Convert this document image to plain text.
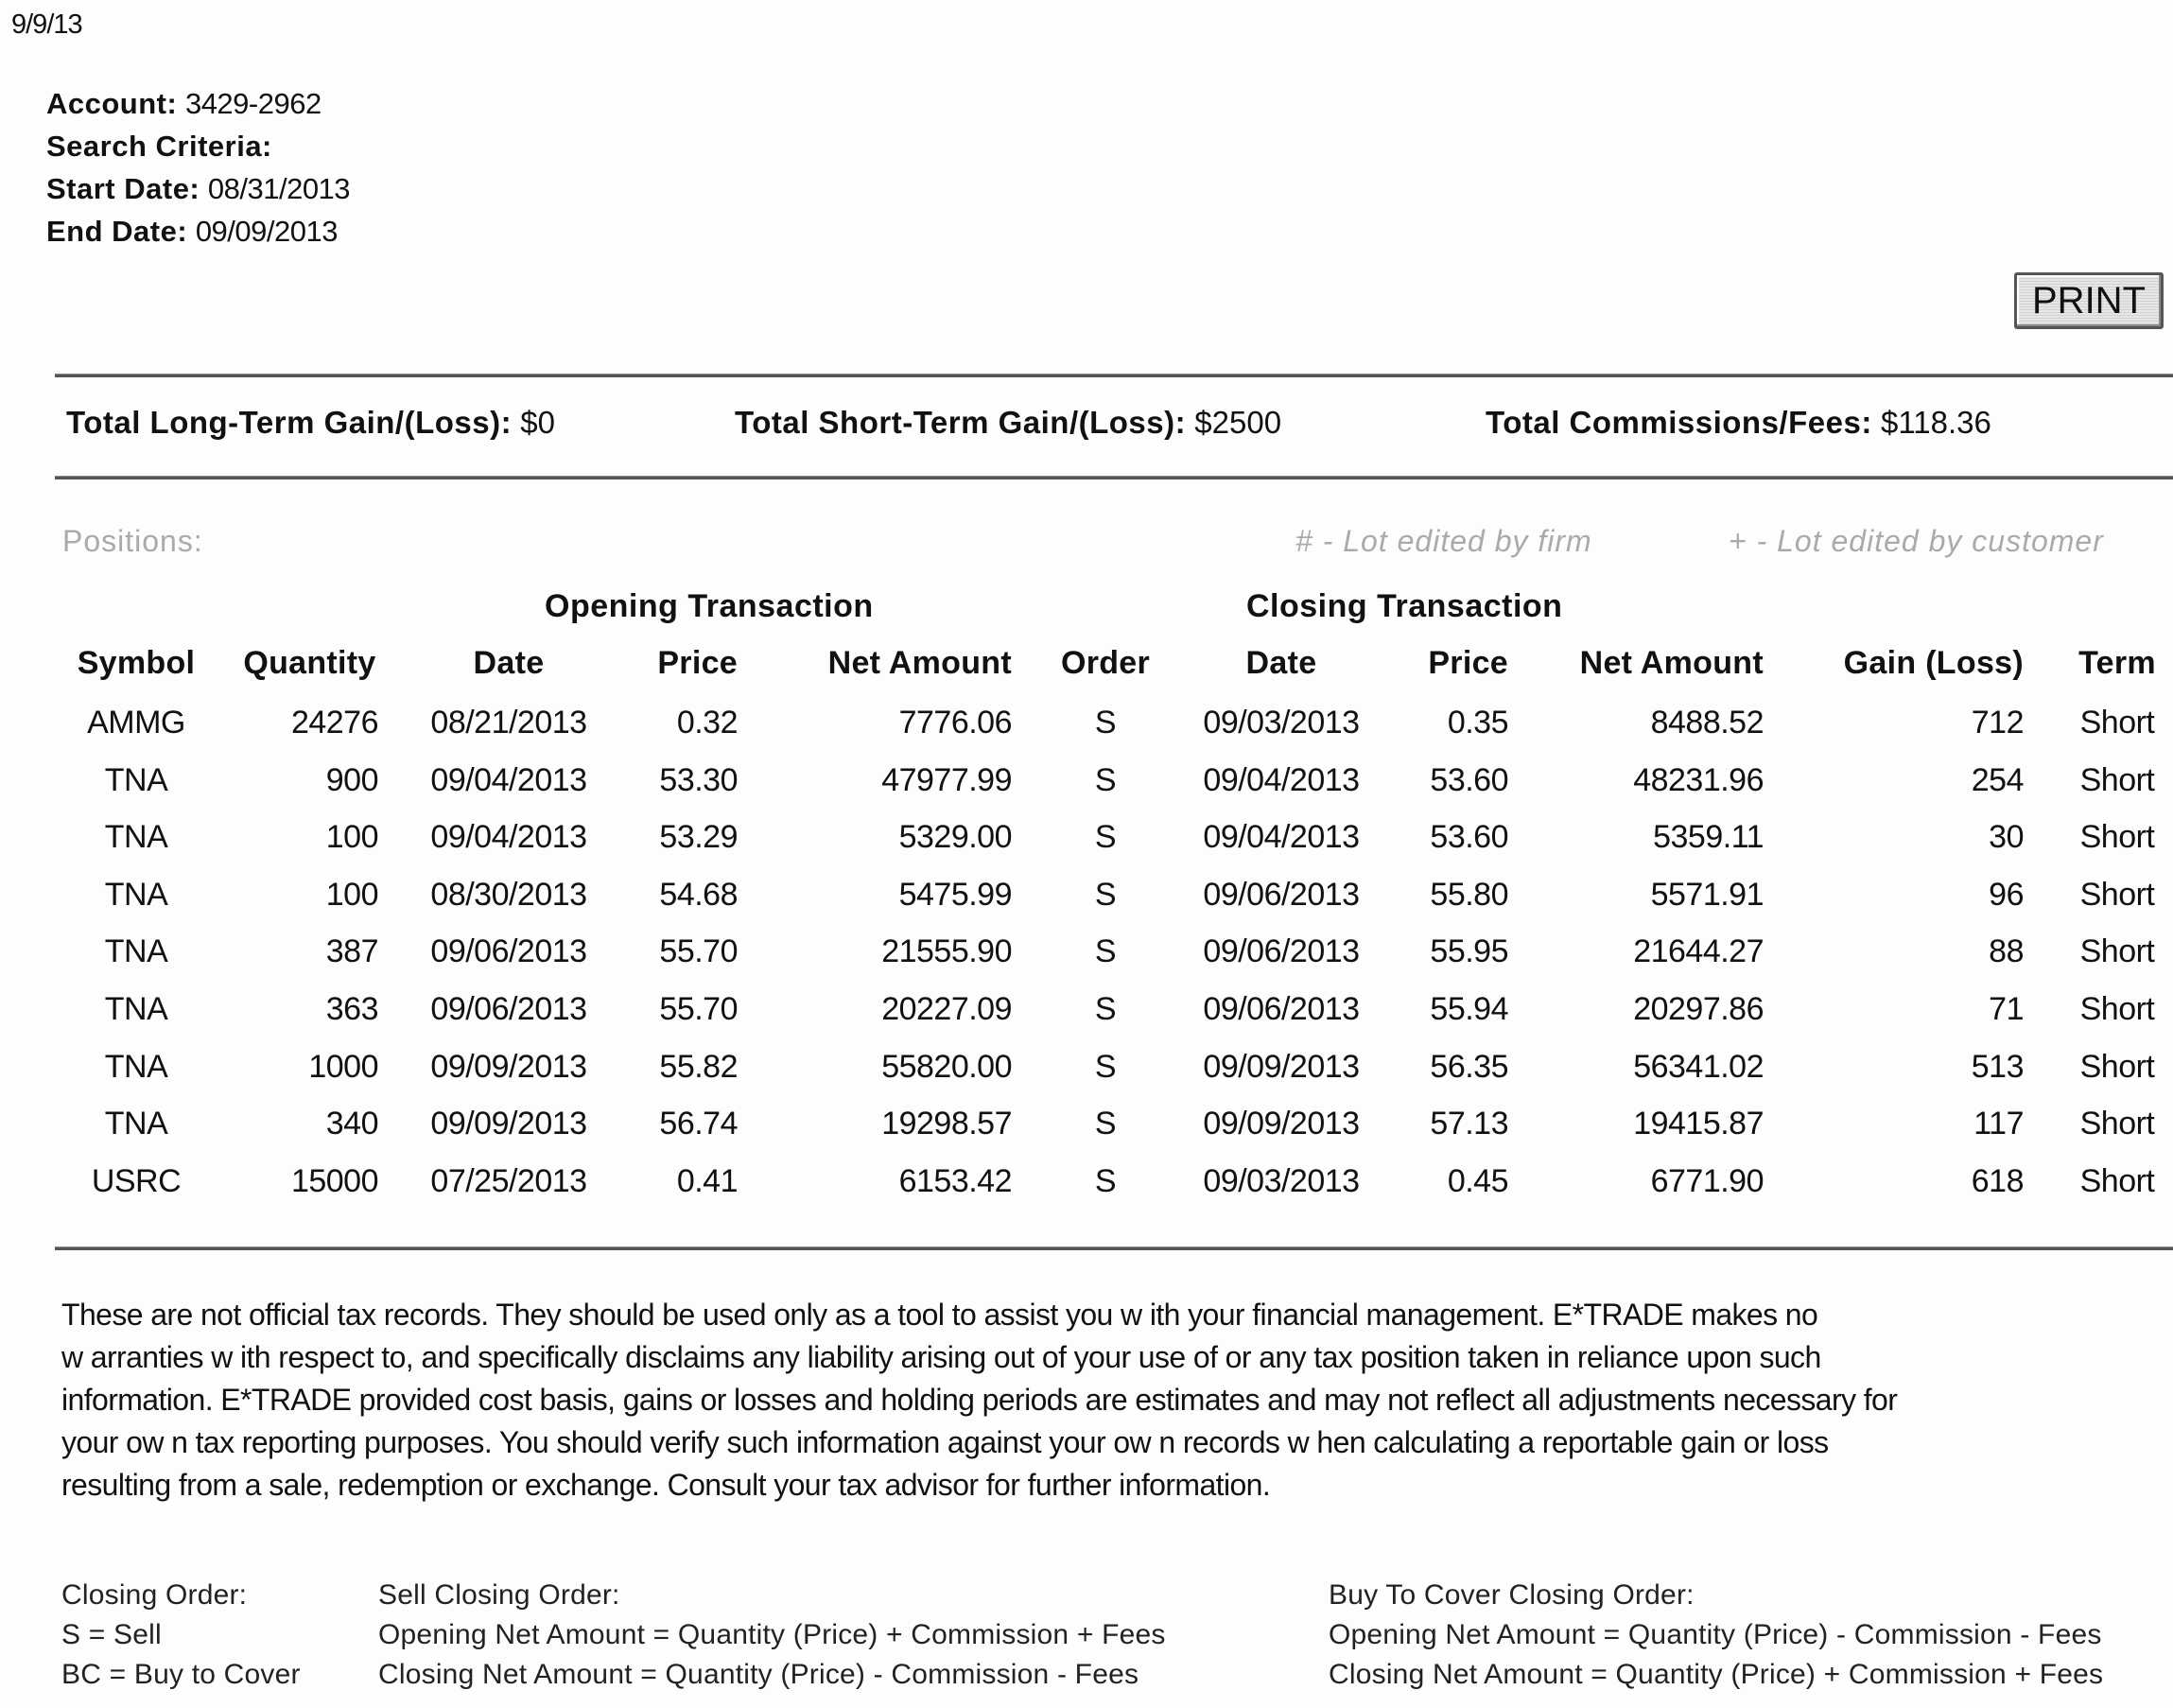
9/9/13
Account: 3429-2962
Search Criteria:
Start Date: 08/31/2013
End Date: 09/09/2013
PRINT
Total Long-Term Gain/(Loss): $0	Total Short-Term Gain/(Loss): $2500	Total Commissions/Fees: $118.36
Positions:	# - Lot edited by firm	+ - Lot edited by customer
Opening Transaction	Closing Transaction
Symbol Quantity	Date	Price	Net Amount	Order	Date	Price	Net Amount	Gain (Loss)	Term
AMMG	24276 08/21/2013	0.32	7776.06	S	09/03/2013	0.35	8488.52	712	Short
TNA	900 09/04/2013	53.30	47977.99	S	09/04/2013	53.60	48231.96	254	Short
TNA	100 09/04/2013	53.29	5329.00	S	09/04/2013	53.60	5359.11	30	Short
TNA	100 08/30/2013	54.68	5475.99	S	09/06/2013	55.80	5571.91	96	Short
TNA	387 09/06/2013	55.70	21555.90	S	09/06/2013	55.95	21644.27	88	Short
TNA	363 09/06/2013	55.70	20227.09	S	09/06/2013	55.94	20297.86	71	Short
TNA	1000 09/09/2013	55.82	55820.00	S	09/09/2013	56.35	56341.02	513	Short
TNA	340 09/09/2013	56.74	19298.57	S	09/09/2013	57.13	19415.87	117	Short
USRC	15000 07/25/2013	0.41	6153.42	S	09/03/2013	0.45	6771.90	618	Short
These are not official tax records. They should be used only as a tool to assist you w ith your financial management. E*TRADE makes no
w arranties w ith respect to, and specifically disclaims any liability arising out of your use of or any tax position taken in reliance upon such
information. E*TRADE provided cost basis, gains or losses and holding periods are estimates and may not reflect all adjustments necessary for
your ow n tax reporting purposes. You should verify such information against your ow n records w hen calculating a reportable gain or loss
resulting from a sale, redemption or exchange. Consult your tax advisor for further information.
Closing Order:
S = Sell
BC = Buy to Cover
Sell Closing Order:
Opening Net Amount = Quantity (Price) + Commission + Fees
Closing Net Amount = Quantity (Price) - Commission - Fees
Buy To Cover Closing Order:
Opening Net Amount = Quantity (Price) - Commission - Fees
Closing Net Amount = Quantity (Price) + Commission + Fees
